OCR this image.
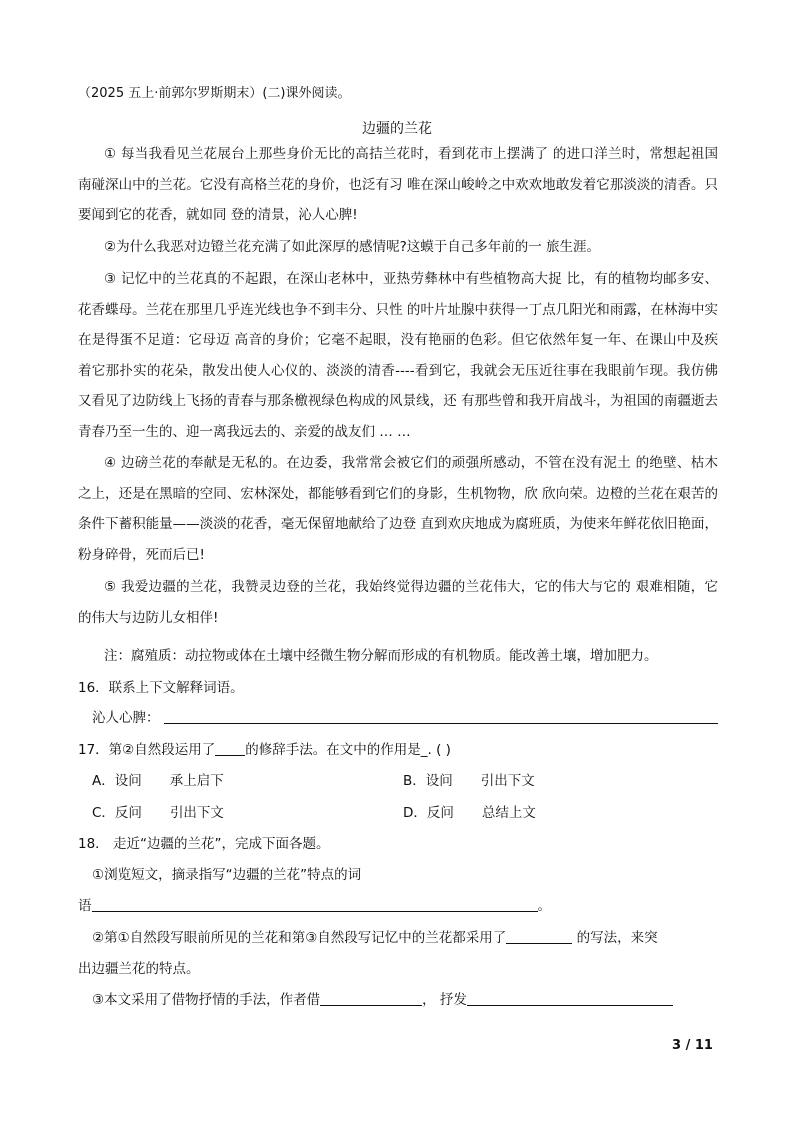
（2025 五上·前郭尔罗斯期末）(二)课外阅读。
边疆的兰花
① 每当我看见兰花展台上那些身价无比的高拮兰花时，看到花市上摆满了 的进口洋兰时，常想起祖国南碰深山中的兰花。它没有高格兰花的身价，也泛有习 唯在深山峻岭之中欢欢地敢发着它那淡淡的清香。只要闻到它的花香，就如同 登的清景，沁人心脾!
②为什么我恶对边镫兰花充满了如此深厚的感情呢?这蟆于自己多年前的一 旅生涯。
③ 记忆中的兰花真的不起跟，在深山老林中，亚热劳彝林中有些植物高大捉 比，有的植物均邮多安、花香蝶母。兰花在那里几乎连光线也争不到丰分、只性 的叶片址腺中获得一丁点几阳光和雨露，在林海中实在是得蛋不足道：它母迈 高音的身价；它毫不起眼，没有艳丽的色彩。但它依然年复一年、在课山中及疾 着它那扑实的花朵，散发出使人心仪的、淡淡的清香----看到它，我就会无压近往事在我眼前乍现。我仿佛又看见了边防线上飞扬的青春与那条檄视绿色构成的风景线，还 有那些曾和我开肩战斗，为祖国的南疆逝去青春乃至一生的、迎一离我远去的、亲爱的战友们 … …
④ 边磅兰花的奉献是无私的。在边委，我常常会被它们的顽强所感动，不管在没有泥土 的绝壁、枯木之上，还是在黑暗的空同、宏林深处，都能够看到它们的身影，生机物物，欣 欣向荣。边橙的兰花在艰苦的条件下蓄积能量——淡淡的花香，毫无保留地献给了边登 直到欢庆地成为腐班质，为使来年鲜花依旧艳面，粉身碎骨，死而后已!
⑤ 我爱边疆的兰花，我赞灵边登的兰花，我始终觉得边疆的兰花伟大，它的伟大与它的 艰难相随，它的伟大与边防儿女相伴!
注：腐殖质：动拉物或体在土壤中经微生物分解而形成的有机物质。能改善土壤，增加肥力。
16．联系上下文解释词语。
沁人心脾：
17．第②自然段运用了 的修辞手法。在文中的作用是_. ( )
A．设问 承上启下	B．设问 引出下文
C．反问 引出下文	D．反问 总结上文
18． 走近“边疆的兰花”，完成下面各题。
①浏览短文，摘录指写“边疆的兰花”特点的词
语	。
②第①自然段写眼前所见的兰花和第③自然段写记忆中的兰花都采用了	的写法，来突
出边疆兰花的特点。
③本文采用了借物抒情的手法，作者借	， 抒发
3 / 11
